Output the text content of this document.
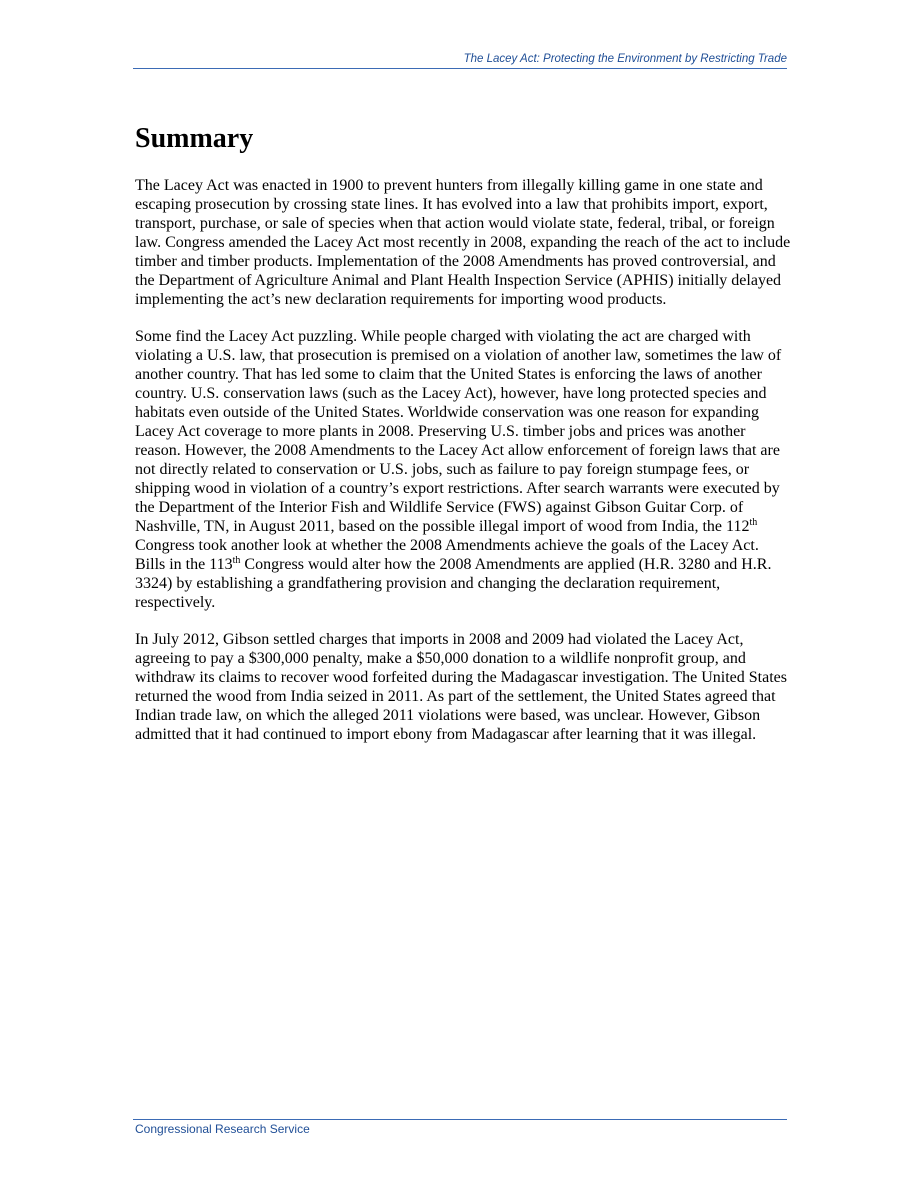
The Lacey Act: Protecting the Environment by Restricting Trade
Summary

The Lacey Act was enacted in 1900 to prevent hunters from illegally killing game in one state and escaping prosecution by crossing state lines. It has evolved into a law that prohibits import, export, transport, purchase, or sale of species when that action would violate state, federal, tribal, or foreign law. Congress amended the Lacey Act most recently in 2008, expanding the reach of the act to include timber and timber products. Implementation of the 2008 Amendments has proved controversial, and the Department of Agriculture Animal and Plant Health Inspection Service (APHIS) initially delayed implementing the act’s new declaration requirements for importing wood products.

Some find the Lacey Act puzzling. While people charged with violating the act are charged with violating a U.S. law, that prosecution is premised on a violation of another law, sometimes the law of another country. That has led some to claim that the United States is enforcing the laws of another country. U.S. conservation laws (such as the Lacey Act), however, have long protected species and habitats even outside of the United States. Worldwide conservation was one reason for expanding Lacey Act coverage to more plants in 2008. Preserving U.S. timber jobs and prices was another reason. However, the 2008 Amendments to the Lacey Act allow enforcement of foreign laws that are not directly related to conservation or U.S. jobs, such as failure to pay foreign stumpage fees, or shipping wood in violation of a country’s export restrictions. After search warrants were executed by the Department of the Interior Fish and Wildlife Service (FWS) against Gibson Guitar Corp. of Nashville, TN, in August 2011, based on the possible illegal import of wood from India, the 112th Congress took another look at whether the 2008 Amendments achieve the goals of the Lacey Act. Bills in the 113th Congress would alter how the 2008 Amendments are applied (H.R. 3280 and H.R. 3324) by establishing a grandfathering provision and changing the declaration requirement, respectively.

In July 2012, Gibson settled charges that imports in 2008 and 2009 had violated the Lacey Act, agreeing to pay a $300,000 penalty, make a $50,000 donation to a wildlife nonprofit group, and withdraw its claims to recover wood forfeited during the Madagascar investigation. The United States returned the wood from India seized in 2011. As part of the settlement, the United States agreed that Indian trade law, on which the alleged 2011 violations were based, was unclear. However, Gibson admitted that it had continued to import ebony from Madagascar after learning that it was illegal.

Congressional Research Service
